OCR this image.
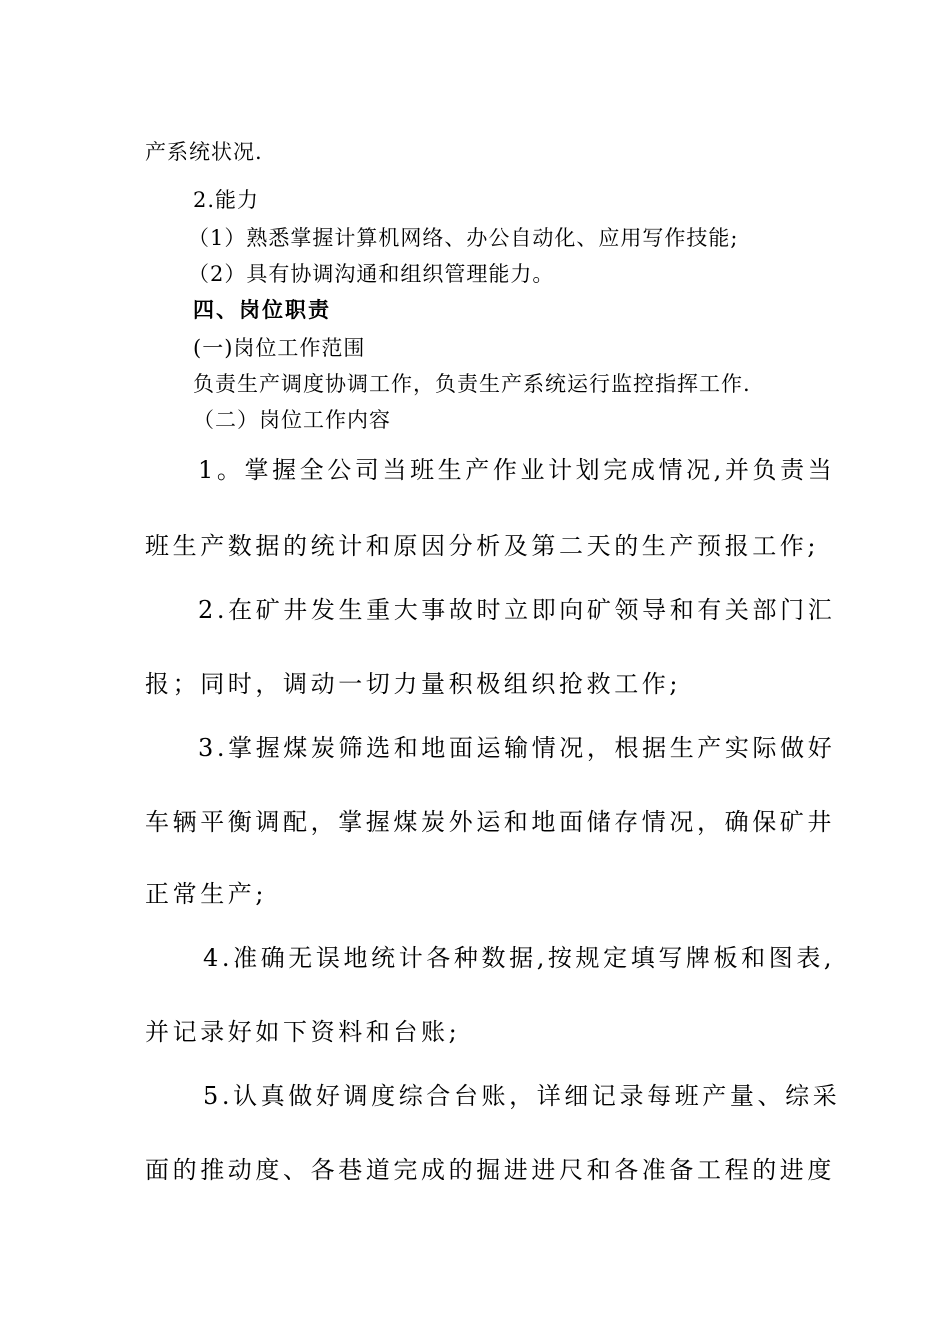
产系统状况.
2.能力
（1）熟悉掌握计算机网络、办公自动化、应用写作技能;
（2）具有协调沟通和组织管理能力。
四、岗位职责
(一)岗位工作范围
负责生产调度协调工作，负责生产系统运行监控指挥工作.
（二）岗位工作内容
1。掌握全公司当班生产作业计划完成情况,并负责当
班生产数据的统计和原因分析及第二天的生产预报工作;
2.在矿井发生重大事故时立即向矿领导和有关部门汇
报；同时，调动一切力量积极组织抢救工作;
3.掌握煤炭筛选和地面运输情况，根据生产实际做好
车辆平衡调配，掌握煤炭外运和地面储存情况，确保矿井
正常生产;
4.准确无误地统计各种数据,按规定填写牌板和图表,
并记录好如下资料和台账;
5.认真做好调度综合台账，详细记录每班产量、综采
面的推动度、各巷道完成的掘进进尺和各准备工程的进度
